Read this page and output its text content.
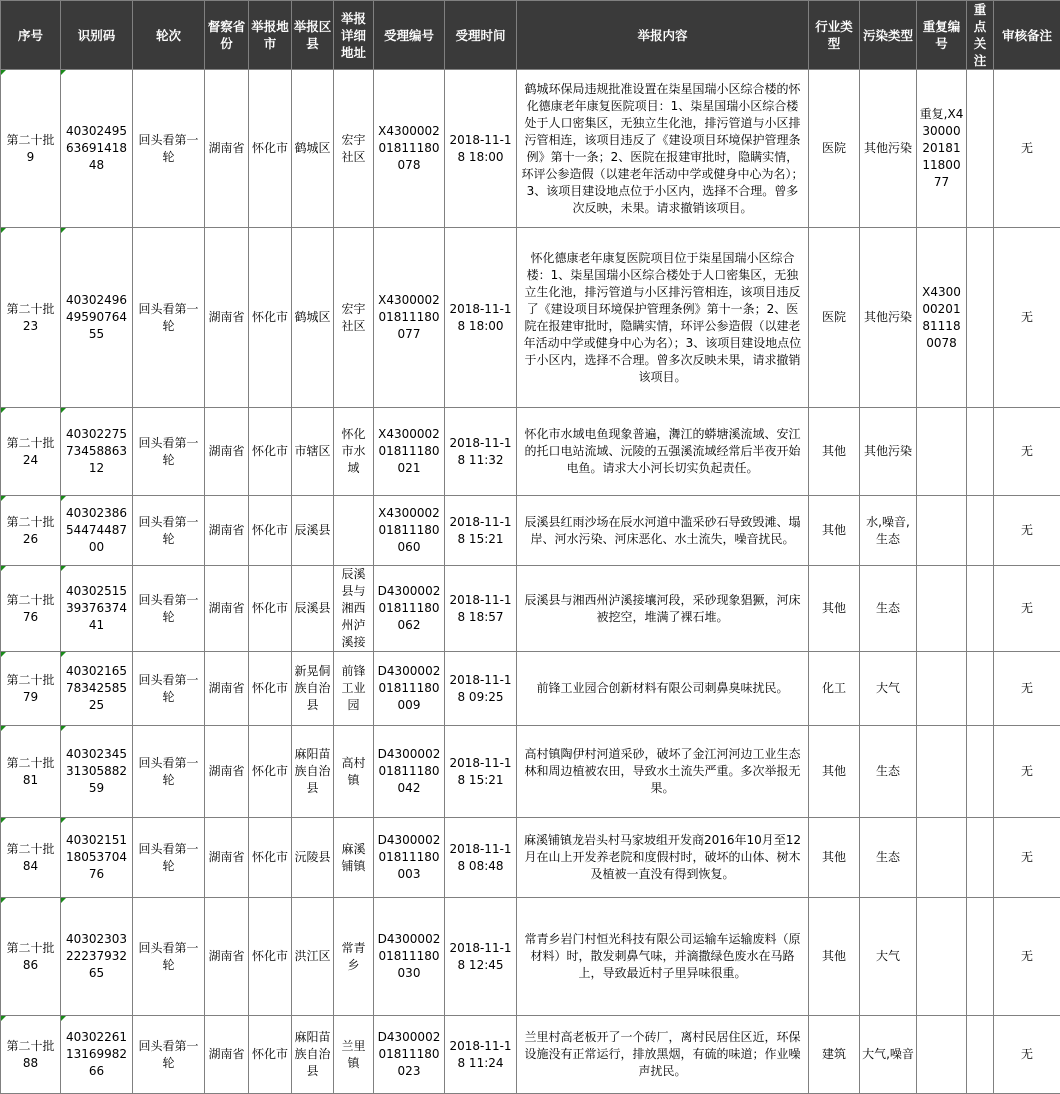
序号	识别码	轮次	督察省份	举报地市	举报区县	举报详细地址	受理编号	受理时间	举报内容	行业类型	污染类型	重复编号	重点关注	审核备注
第二十批9	403024956369141848	回头看第一轮	湖南省	怀化市	鹤城区	宏宇社区	X430000201811180078	2018-11-18 18:00	鹤城环保局违规批准设置在柒星国瑞小区综合楼的怀化德康老年康复医院项目：1、柒星国瑞小区综合楼处于人口密集区，无独立生化池，排污管道与小区排污管相连，该项目违反了《建设项目环境保护管理条例》第十一条；2、医院在报建审批时，隐瞒实情，环评公参造假（以建老年活动中学或健身中心为名）；3、该项目建设地点位于小区内，选择不合理。曾多次反映，未果。请求撤销该项目。	医院	其他污染	重复,X430000201811180077		无
第二十批23	403024964959076455	回头看第一轮	湖南省	怀化市	鹤城区	宏宇社区	X430000201811180077	2018-11-18 18:00	怀化德康老年康复医院项目位于柒星国瑞小区综合楼：1、柒星国瑞小区综合楼处于人口密集区，无独立生化池，排污管道与小区排污管相连，该项目违反了《建设项目环境保护管理条例》第十一条；2、医院在报建审批时，隐瞒实情，环评公参造假（以建老年活动中学或健身中心为名）；3、该项目建设地点位于小区内，选择不合理。曾多次反映未果，请求撤销该项目。	医院	其他污染	X430000201811180078		无
第二十批24	403022757345886312	回头看第一轮	湖南省	怀化市	市辖区	怀化市水域	X430000201811180021	2018-11-18 11:32	怀化市水域电鱼现象普遍，㵲江的蟒塘溪流域、安江的托口电站流域、沅陵的五强溪流域经常后半夜开始电鱼。请求大小河长切实负起责任。	其他	其他污染			无
第二十批26	403023865447448700	回头看第一轮	湖南省	怀化市	辰溪县		X430000201811180060	2018-11-18 15:21	辰溪县红雨沙场在辰水河道中滥采砂石导致毁滩、塌岸、河水污染、河床恶化、水土流失，噪音扰民。	其他	水,噪音,生态			无
第二十批76	403025153937637441	回头看第一轮	湖南省	怀化市	辰溪县	辰溪县与湘西州泸溪接	D430000201811180062	2018-11-18 18:57	辰溪县与湘西州泸溪接壤河段，采砂现象猖獗，河床被挖空，堆满了裸石堆。	其他	生态			无
第二十批79	403021657834258525	回头看第一轮	湖南省	怀化市	新晃侗族自治县	前锋工业园	D430000201811180009	2018-11-18 09:25	前锋工业园合创新材料有限公司刺鼻臭味扰民。	化工	大气			无
第二十批81	403023453130588259	回头看第一轮	湖南省	怀化市	麻阳苗族自治县	高村镇	D430000201811180042	2018-11-18 15:21	高村镇陶伊村河道采砂，破坏了金江河河边工业生态林和周边植被农田，导致水土流失严重。多次举报无果。	其他	生态			无
第二十批84	403021511805370476	回头看第一轮	湖南省	怀化市	沅陵县	麻溪铺镇	D430000201811180003	2018-11-18 08:48	麻溪铺镇龙岩头村马家坡组开发商2016年10月至12月在山上开发养老院和度假村时，破坏的山体、树木及植被一直没有得到恢复。	其他	生态			无
第二十批86	403023032223793265	回头看第一轮	湖南省	怀化市	洪江区	常青乡	D430000201811180030	2018-11-18 12:45	常青乡岩门村恒光科技有限公司运输车运输废料（原材料）时，散发刺鼻气味，并滴撒绿色废水在马路上，导致最近村子里异味很重。	其他	大气			无
第二十批88	403022611316998266	回头看第一轮	湖南省	怀化市	麻阳苗族自治县	兰里镇	D430000201811180023	2018-11-18 11:24	兰里村高老板开了一个砖厂，离村民居住区近，环保设施没有正常运行，排放黑烟，有硫的味道；作业噪声扰民。	建筑	大气,噪音			无
